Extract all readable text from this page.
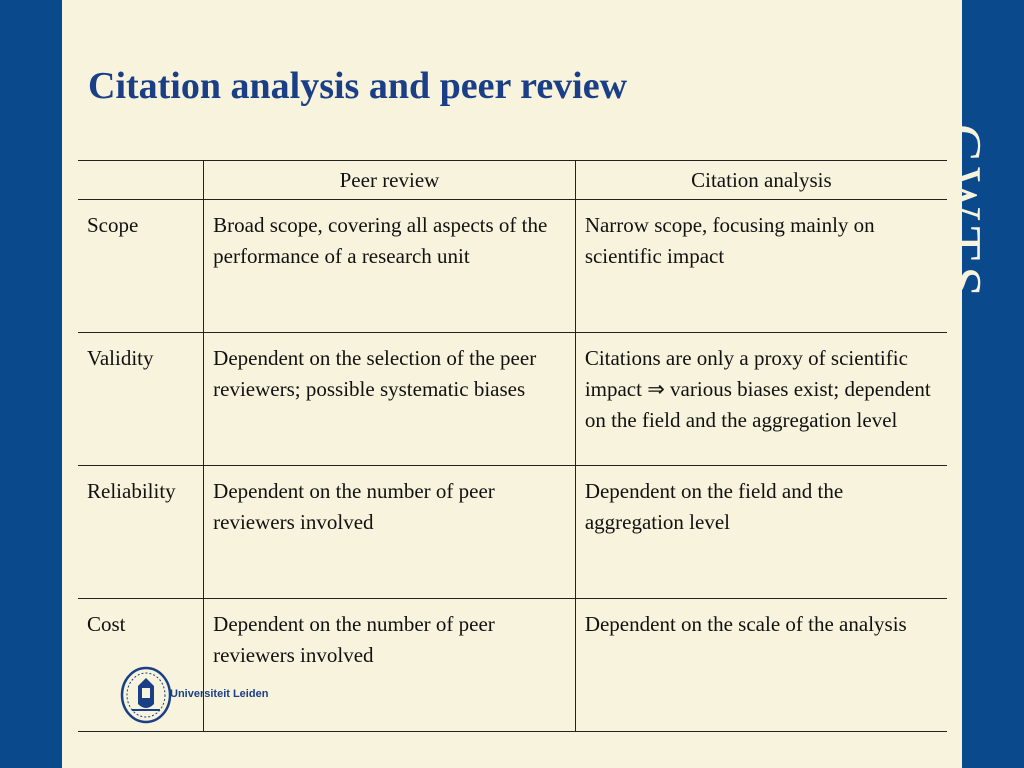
Citation analysis and peer review
CWTS
	Peer review	Citation analysis
Scope	Broad scope, covering all aspects of the performance of a research unit	Narrow scope, focusing mainly on scientific impact
Validity	Dependent on the selection of the peer reviewers; possible systematic biases	Citations are only a proxy of scientific impact ⇒ various biases exist; dependent on the field and the aggregation level
Reliability	Dependent on the number of peer reviewers involved	Dependent on the field and the aggregation level
Cost	Dependent on the number of peer reviewers involved	Dependent on the scale of the analysis
Universiteit Leiden
